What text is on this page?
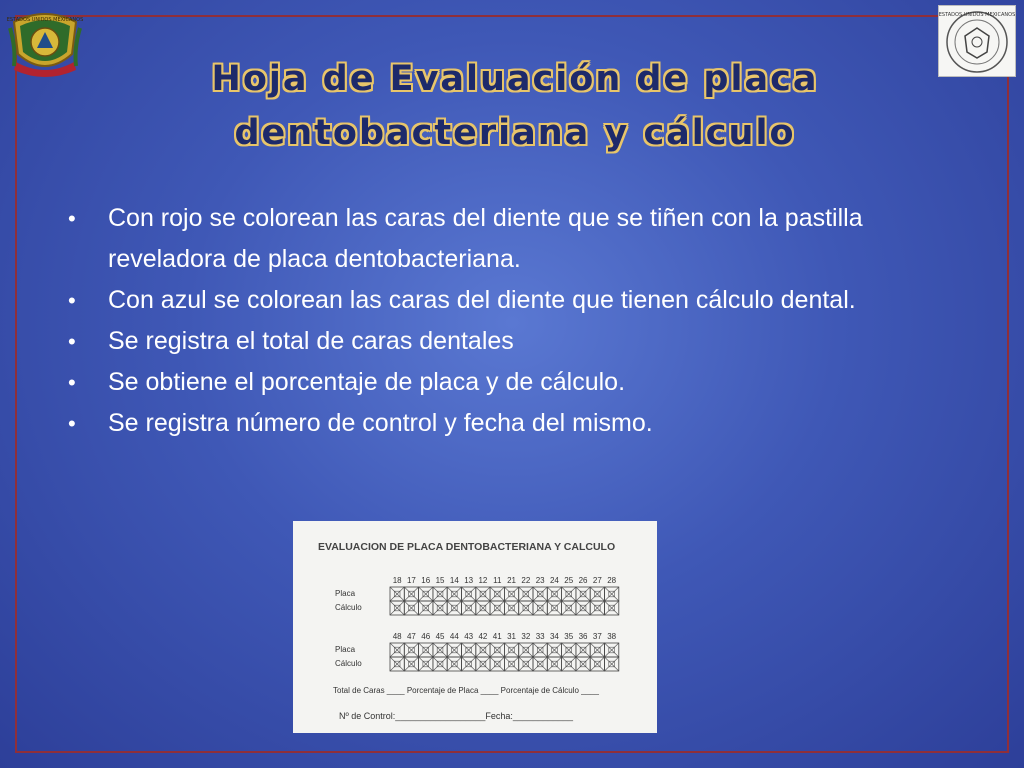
ESTADOS UNIDOS MEXICANOS
ESTADOS UNIDOS MEXICANOS
Hoja de Evaluación de placa
dentobacteriana y cálculo
• Con rojo se colorean las caras del diente que se tiñen con la pastilla reveladora de placa dentobacteriana.
• Con azul se colorean las caras del diente que tienen cálculo dental.
• Se registra el total de caras dentales
• Se obtiene el porcentaje de placa y de cálculo.
• Se registra número de control y fecha del mismo.
EVALUACION DE PLACA DENTOBACTERIANA Y CALCULO
18 17 16 15 14 13 12 11 21 22 23 24 25 26 27 28
Placa
Cálculo
48 47 46 45 44 43 42 41 31 32 33 34 35 36 37 38
Placa
Cálculo
Total de Caras ____ Porcentaje de Placa ____ Porcentaje de Cálculo ____
Nº de Control:__________________Fecha:____________
